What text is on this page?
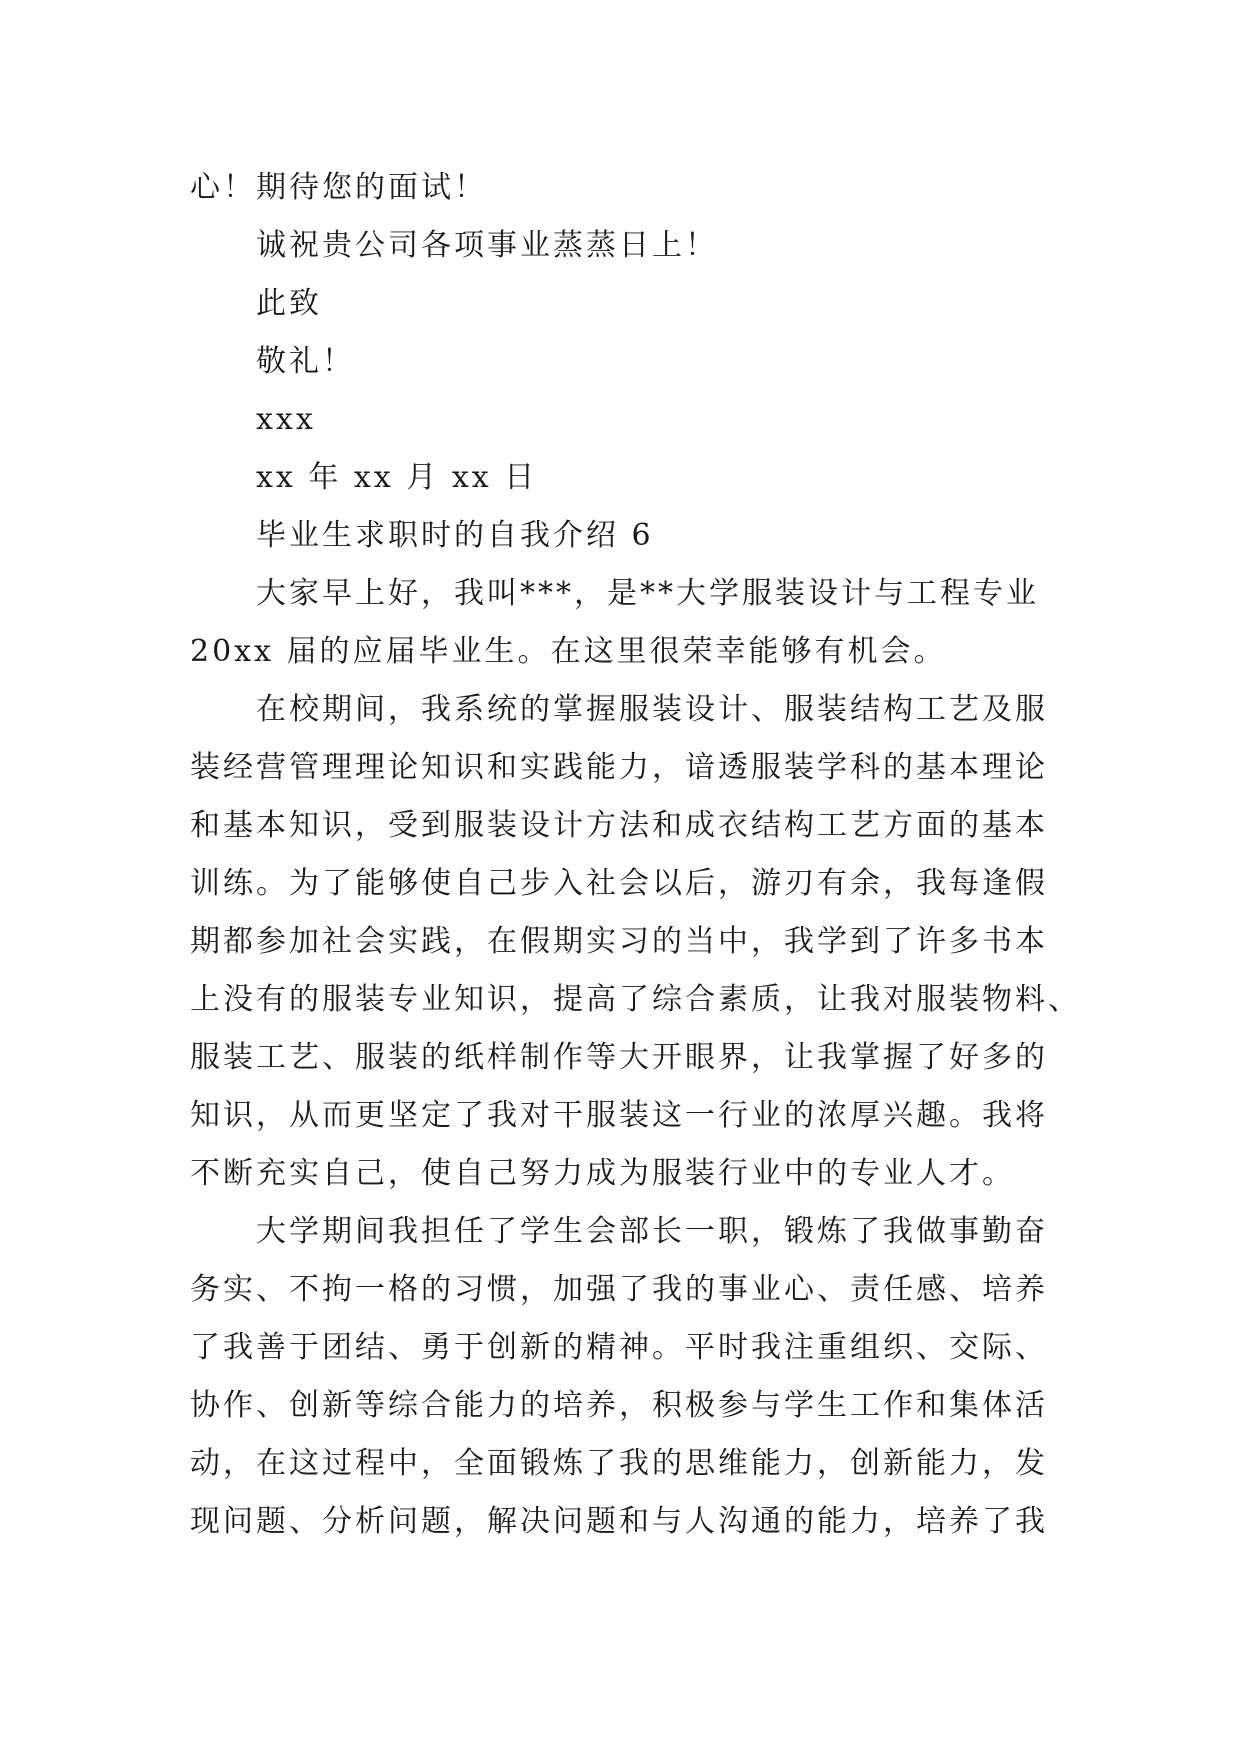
心！期待您的面试！
诚祝贵公司各项事业蒸蒸日上！
此致
敬礼！
xxx
xx 年 xx 月 xx 日
毕业生求职时的自我介绍 6
大家早上好，我叫***，是**大学服装设计与工程专业
20xx 届的应届毕业生。在这里很荣幸能够有机会。
在校期间，我系统的掌握服装设计、服装结构工艺及服
装经营管理理论知识和实践能力，谙透服装学科的基本理论
和基本知识，受到服装设计方法和成衣结构工艺方面的基本
训练。为了能够使自己步入社会以后，游刃有余，我每逢假
期都参加社会实践，在假期实习的当中，我学到了许多书本
上没有的服装专业知识，提高了综合素质，让我对服装物料、
服装工艺、服装的纸样制作等大开眼界，让我掌握了好多的
知识，从而更坚定了我对干服装这一行业的浓厚兴趣。我将
不断充实自己，使自己努力成为服装行业中的专业人才。
大学期间我担任了学生会部长一职，锻炼了我做事勤奋
务实、不拘一格的习惯，加强了我的事业心、责任感、培养
了我善于团结、勇于创新的精神。平时我注重组织、交际、
协作、创新等综合能力的培养，积极参与学生工作和集体活
动，在这过程中，全面锻炼了我的思维能力，创新能力，发
现问题、分析问题，解决问题和与人沟通的能力，培养了我
